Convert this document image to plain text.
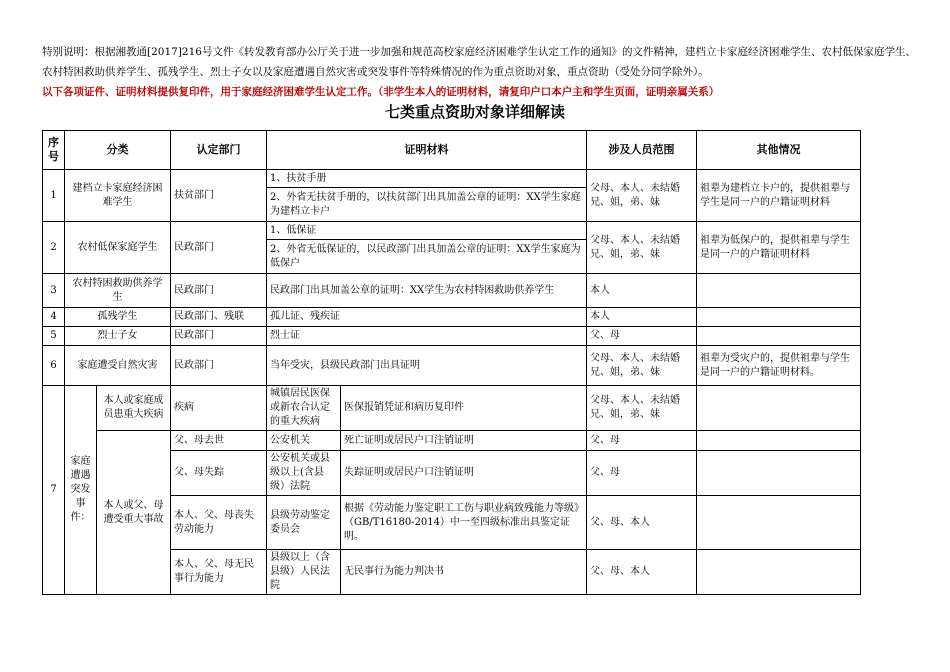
特别说明：根据湘教通[2017]216号文件《转发教育部办公厅关于进一步加强和规范高校家庭经济困难学生认定工作的通知》的文件精神，建档立卡家庭经济困难学生、农村低保家庭学生、农村特困救助供养学生、孤残学生、烈士子女以及家庭遭遇自然灾害或突发事件等特殊情况的作为重点资助对象，重点资助（受处分同学除外）。

以下各项证件、证明材料提供复印件，用于家庭经济困难学生认定工作。（非学生本人的证明材料，请复印户口本户主和学生页面，证明亲属关系）

七类重点资助对象详细解读
序号	分类		认定部门	证明材料		涉及人员范围	其他情况
1	建档立卡家庭经济困难学生		扶贫部门	1、扶贫手册		父母、本人、未结婚兄、姐，弟、妹	祖辈为建档立卡户的，提供祖辈与学生是同一户的户籍证明材料
				2、外省无扶贫手册的，以扶贫部门出具加盖公章的证明：XX学生家庭为建档立卡户			
2	农村低保家庭学生		民政部门	1、低保证		父母、本人、未结婚兄、姐，弟、妹	祖辈为低保户的，提供祖辈与学生是同一户的户籍证明材料
				2、外省无低保证的，以民政部门出具加盖公章的证明：XX学生家庭为低保户			
3	农村特困救助供养学生		民政部门	民政部门出具加盖公章的证明：XX学生为农村特困救助供养学生		本人	
4	孤残学生		民政部门、残联	孤儿证、残疾证		本人	
5	烈士子女		民政部门	烈士证		父、母	
6	家庭遭受自然灾害		民政部门	当年受灾，县级民政部门出具证明		父母、本人、未结婚兄、姐，弟、妹	祖辈为受灾户的，提供祖辈与学生是同一户的户籍证明材料。
7	家庭遭遇突发事件：	本人或家庭成员患重大疾病	疾病	城镇居民医保或新农合认定的重大疾病	医保报销凭证和病历复印件	父母、本人、未结婚兄、姐，弟、妹	
		本人或父、母遭受重大事故	父、母去世	公安机关	死亡证明或居民户口注销证明	父、母	
			父、母失踪	公安机关或县级以上(含县级）法院	失踪证明或居民户口注销证明	父、母	
			本人、父、母丧失劳动能力	县级劳动鉴定委员会	根据《劳动能力鉴定职工工伤与职业病致残能力等级》（GB/T16180-2014）中一至四级标准出具鉴定证明。	父、母、本人	
			本人、父、母无民事行为能力	县级以上（含县级）人民法院	无民事行为能力判决书	父、母、本人	
